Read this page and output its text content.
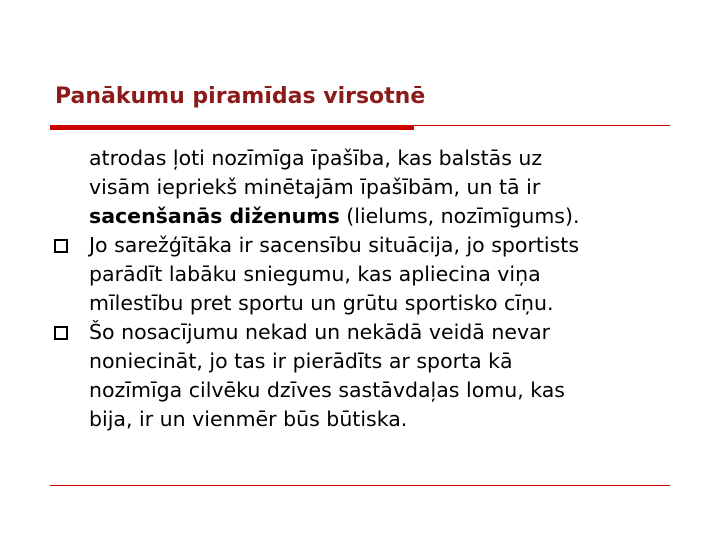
Panākumu piramīdas virsotnē
atrodas ļoti nozīmīga īpašība, kas balstās uz
visām iepriekš minētajām īpašībām, un tā ir
sacenšanās diženums (lielums, nozīmīgums).
Jo sarežģītāka ir sacensību situācija, jo sportists
parādīt labāku sniegumu, kas apliecina viņa
mīlestību pret sportu un grūtu sportisko cīņu.
Šo nosacījumu nekad un nekādā veidā nevar
noniecināt, jo tas ir pierādīts ar sporta kā
nozīmīga cilvēku dzīves sastāvdaļas lomu, kas
bija, ir un vienmēr būs būtiska.
